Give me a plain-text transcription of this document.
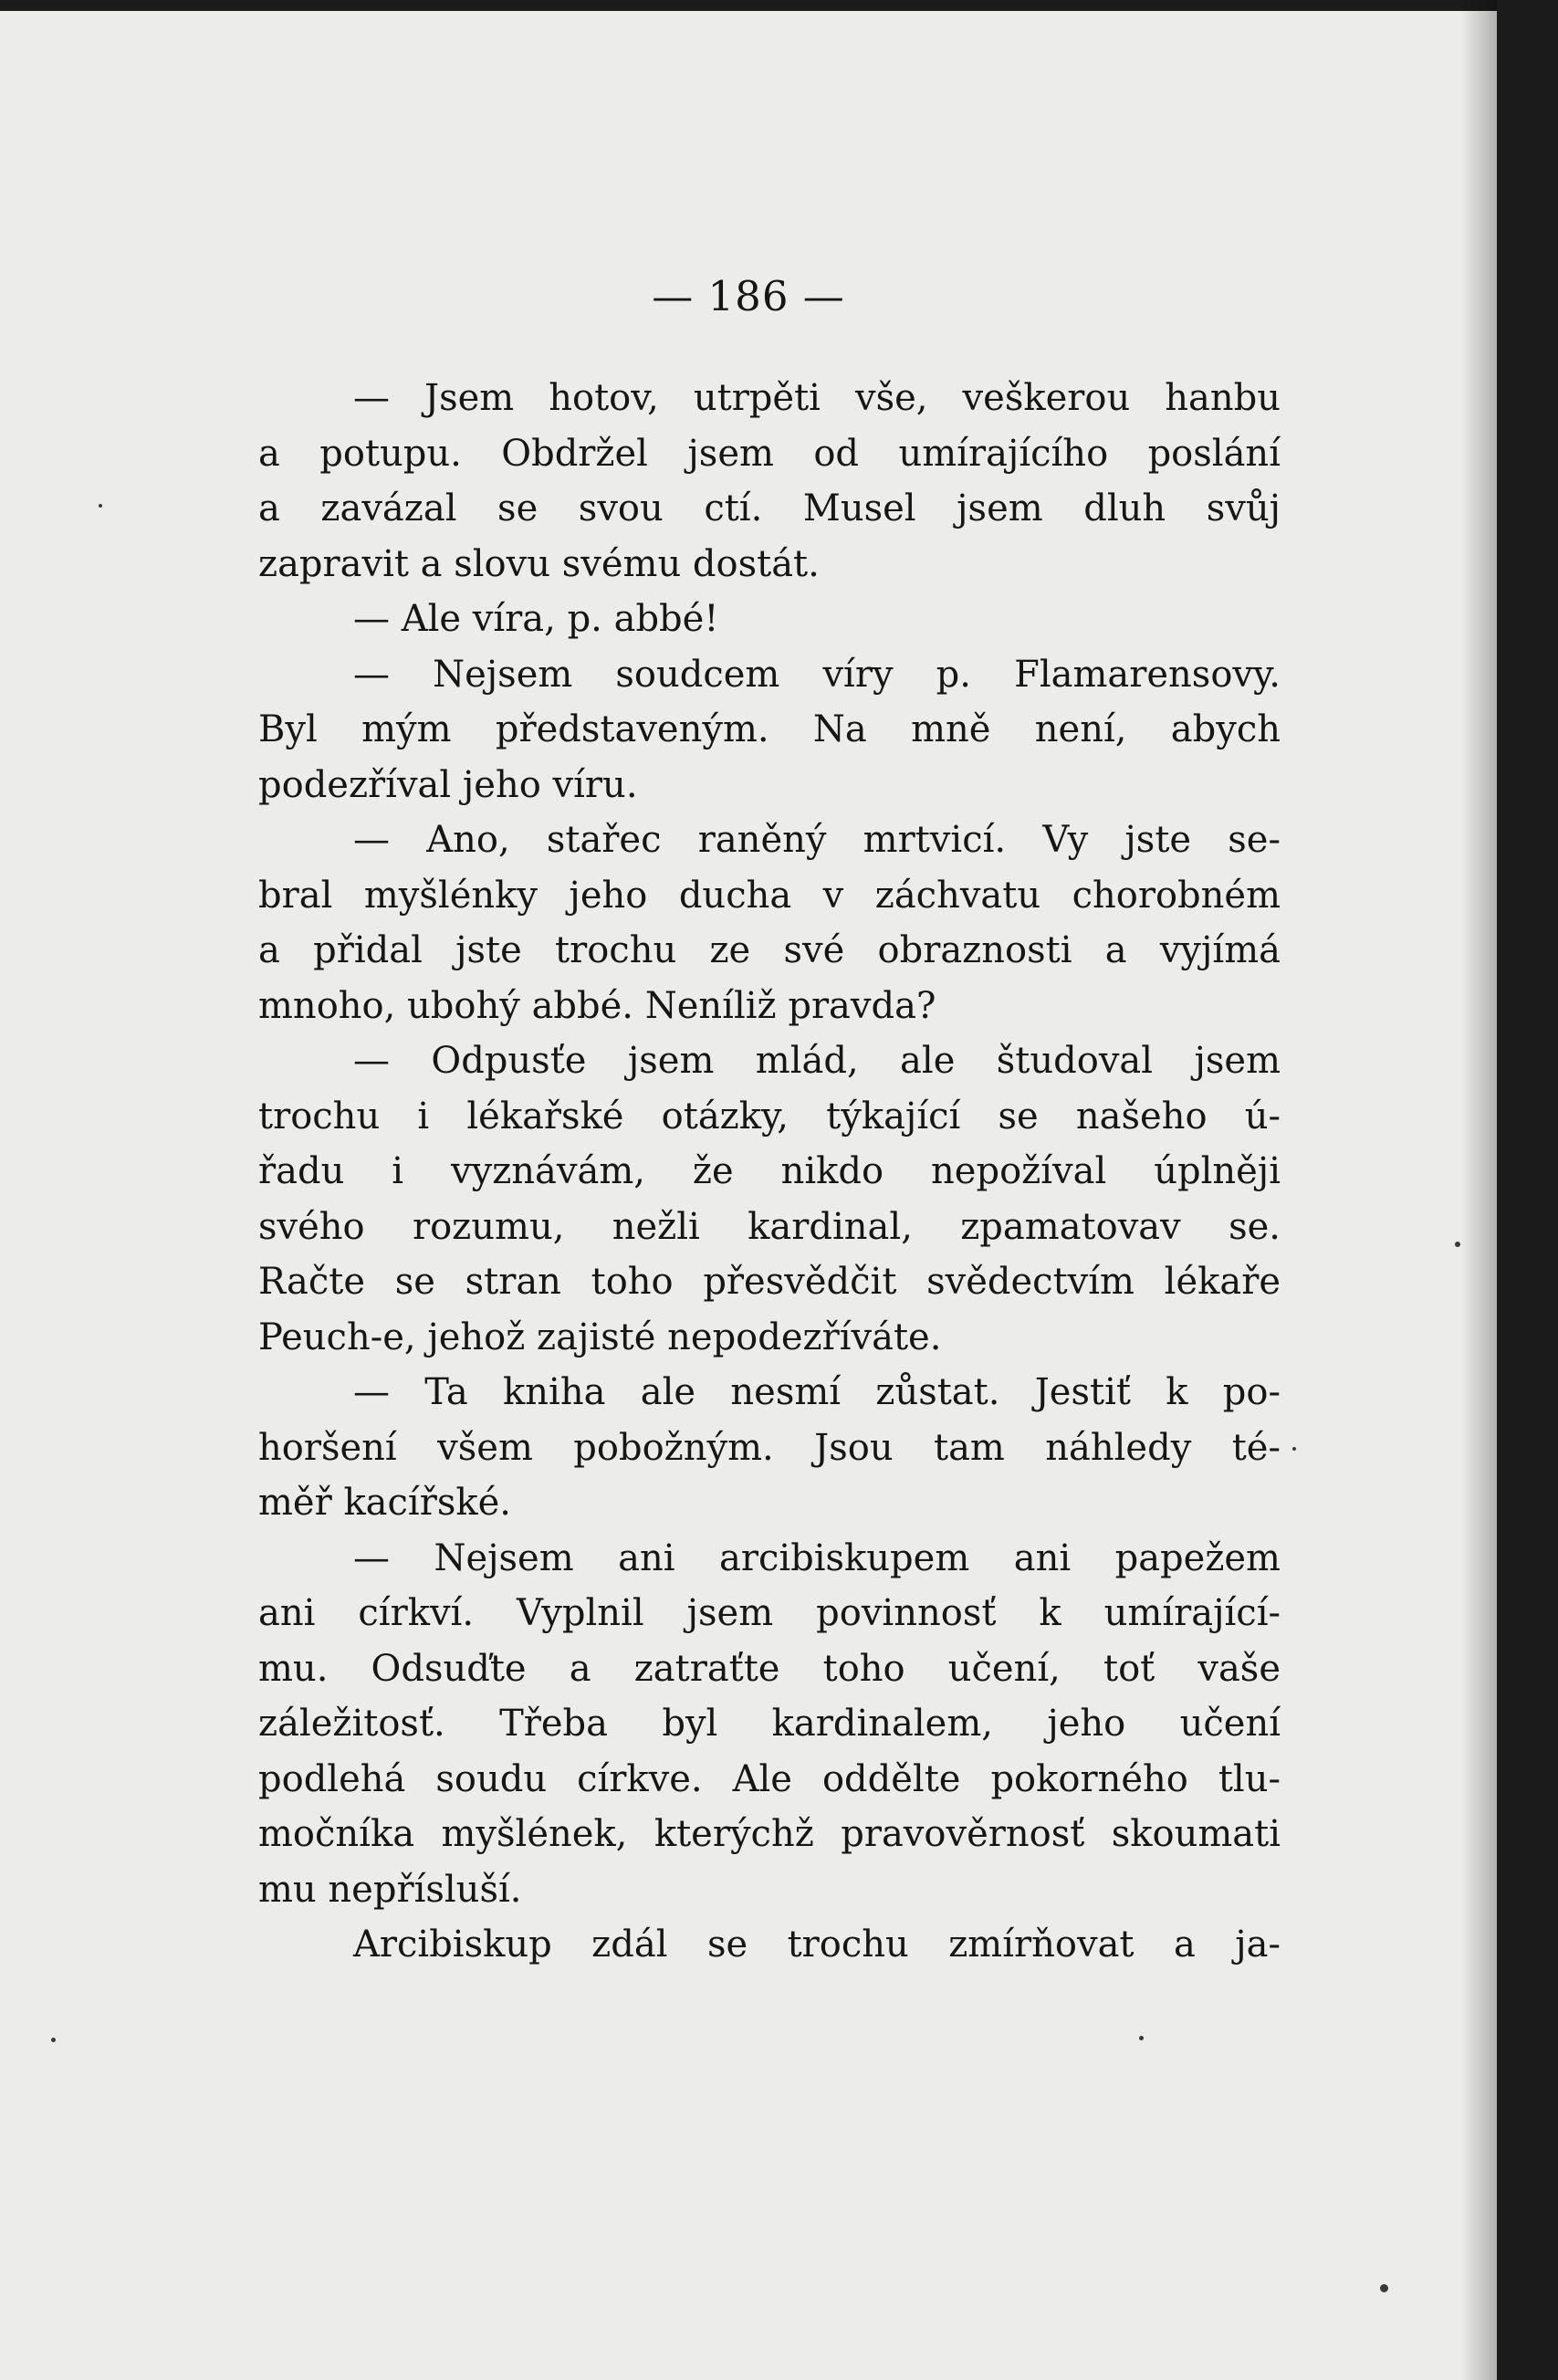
— 186 —
— Jsem hotov, utrpěti vše, veškerou hanbu
a potupu. Obdržel jsem od umírajícího poslání
a zavázal se svou ctí. Musel jsem dluh svůj
zapravit a slovu svému dostát.
— Ale víra, p. abbé!
— Nejsem soudcem víry p. Flamarensovy.
Byl mým představeným. Na mně není, abych
podezříval jeho víru.
— Ano, stařec raněný mrtvicí. Vy jste se-
bral myšlénky jeho ducha v záchvatu chorobném
a přidal jste trochu ze své obraznosti a vyjímá
mnoho, ubohý abbé. Neníliž pravda?
— Odpusťe jsem mlád, ale študoval jsem
trochu i lékařské otázky, týkající se našeho ú-
řadu i vyznávám, že nikdo nepožíval úplněji
svého rozumu, nežli kardinal, zpamatovav se.
Račte se stran toho přesvědčit svědectvím lékaře
Peuch-e, jehož zajisté nepodezříváte.
— Ta kniha ale nesmí zůstat. Jestiť k po-
horšení všem pobožným. Jsou tam náhledy té-
měř kacířské.
— Nejsem ani arcibiskupem ani papežem
ani církví. Vyplnil jsem povinnosť k umírající-
mu. Odsuďte a zatraťte toho učení, toť vaše
záležitosť. Třeba byl kardinalem, jeho učení
podlehá soudu církve. Ale oddělte pokorného tlu-
močníka myšlének, kterýchž pravověrnosť skoumati
mu nepřísluší.
Arcibiskup zdál se trochu zmírňovat a ja-
